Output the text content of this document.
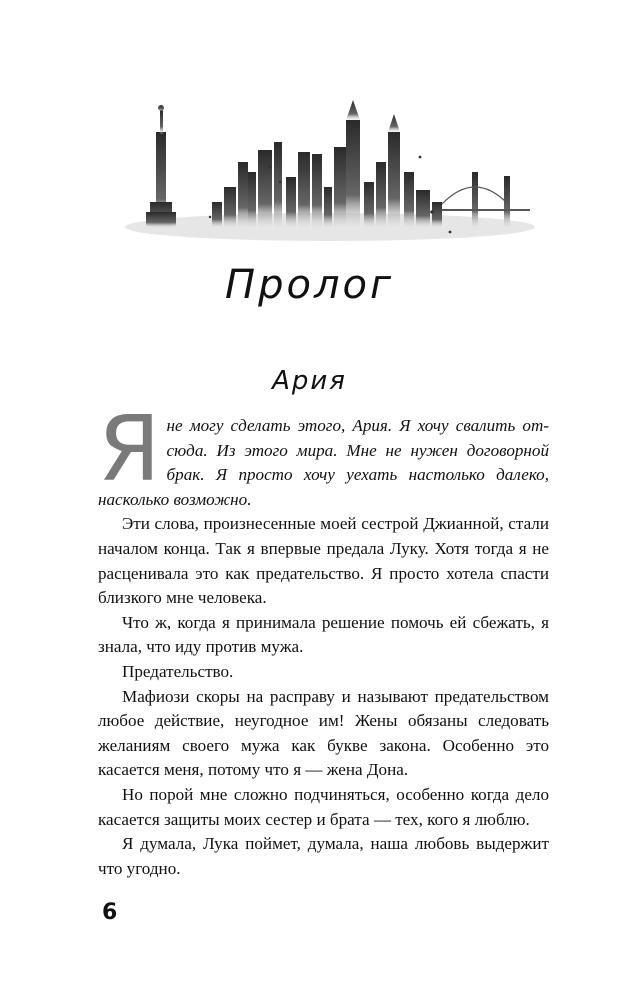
Пролог
Ария

Я не могу сделать этого, Ария. Я хочу свалить отсюда. Из этого мира. Мне не нужен договорной брак. Я просто хочу уехать настолько далеко, насколько возможно.

Эти слова, произнесенные моей сестрой Джианной, стали началом конца. Так я впервые предала Луку. Хотя тогда я не расценивала это как предательство. Я просто хотела спасти близкого мне человека.

Что ж, когда я принимала решение помочь ей сбежать, я знала, что иду против мужа.

Предательство.

Мафиози скоры на расправу и называют предательством любое действие, неугодное им! Жены обязаны следовать желаниям своего мужа как букве закона. Особенно это касается меня, потому что я — жена Дона.

Но порой мне сложно подчиняться, особенно когда дело касается защиты моих сестер и брата — тех, кого я люблю.

Я думала, Лука поймет, думала, наша любовь выдержит что угодно.

6
